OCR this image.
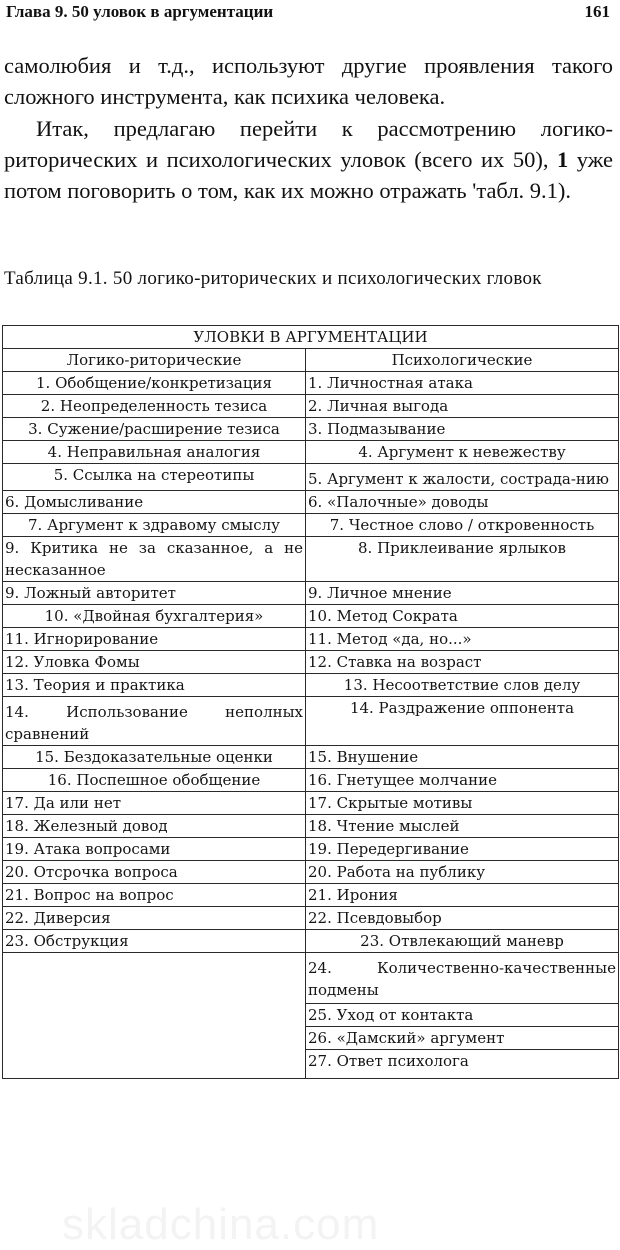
Глава 9. 50 уловок в аргументации	161

самолюбия и т.д., используют другие проявления такого сложного инструмента, как психика человека.

Итак, предлагаю перейти к рассмотрению логико-риторических и психологических уловок (всего их 50), 1 уже потом поговорить о том, как их можно отражать 'табл. 9.1).

Таблица 9.1. 50 логико-риторических и психологических гловок
УЛОВКИ В АРГУМЕНТАЦИИ	
Логико-риторические	Психологические
1. Обобщение/конкретизация	1. Личностная атака
2. Неопределенность тезиса	2. Личная выгода
3. Сужение/расширение тезиса	3. Подмазывание
4. Неправильная аналогия	4. Аргумент к невежеству
5. Ссылка на стереотипы	5. Аргумент к жалости, сострада-нию
6. Домысливание	6. «Палочные» доводы
7. Аргумент к здравому смыслу	7. Честное слово / откровенность
9. Критика не за сказанное, а не несказанное	8. Приклеивание ярлыков
9. Ложный авторитет	9. Личное мнение
10. «Двойная бухгалтерия»	10. Метод Сократа
11. Игнорирование	11. Метод «да, но...»
12. Уловка Фомы	12. Ставка на возраст
13. Теория и практика	13. Несоответствие слов делу
14. Использование неполных сравнений	14. Раздражение оппонента
15. Бездоказательные оценки	15. Внушение
16. Поспешное обобщение	16. Гнетущее молчание
17. Да или нет	17. Скрытые мотивы
18. Железный довод	18. Чтение мыслей
19. Атака вопросами	19. Передергивание
20. Отсрочка вопроса	20. Работа на публику
21. Вопрос на вопрос	21. Ирония
22. Диверсия	22. Псевдовыбор
23. Обструкция	23. Отвлекающий маневр
	24. Количественно-качественные подмены
	25. Уход от контакта
	26. «Дамский» аргумент
	27. Ответ психолога
skladchina.com
